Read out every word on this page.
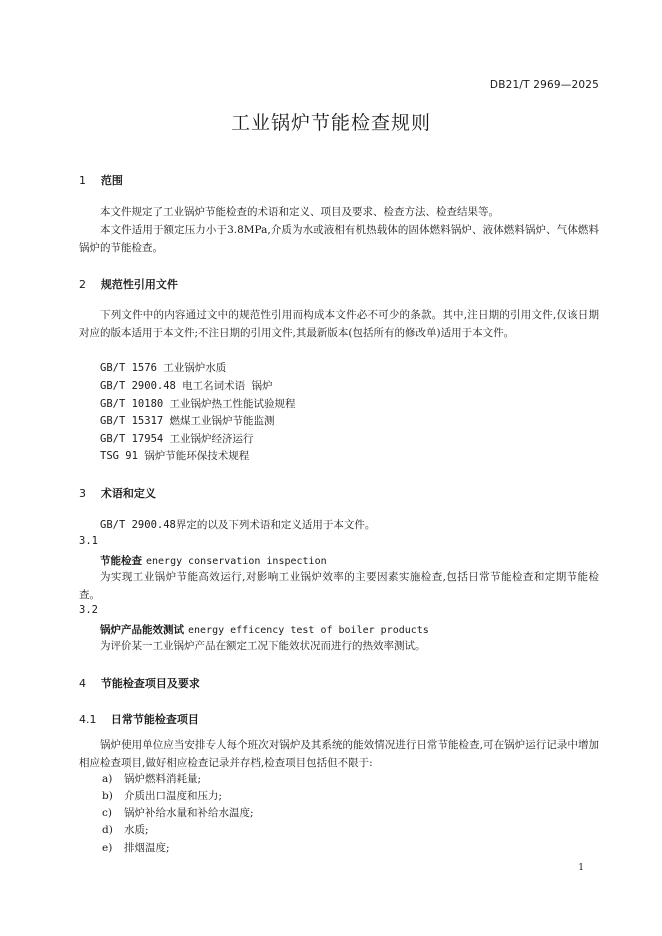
DB21/T 2969—2025
工业锅炉节能检查规则
1 范围
本文件规定了工业锅炉节能检查的术语和定义、项目及要求、检查方法、检查结果等。
本文件适用于额定压力小于3.8MPa,介质为水或液相有机热载体的固体燃料锅炉、液体燃料锅炉、气体燃料锅炉的节能检查。
2 规范性引用文件
下列文件中的内容通过文中的规范性引用而构成本文件必不可少的条款。其中,注日期的引用文件,仅该日期对应的版本适用于本文件;不注日期的引用文件,其最新版本(包括所有的修改单)适用于本文件。
GB/T 1576 工业锅炉水质
GB/T 2900.48 电工名词术语 锅炉
GB/T 10180 工业锅炉热工性能试验规程
GB/T 15317 燃煤工业锅炉节能监测
GB/T 17954 工业锅炉经济运行
TSG 91 锅炉节能环保技术规程
3 术语和定义
GB/T 2900.48界定的以及下列术语和定义适用于本文件。
3.1
节能检查 energy conservation inspection
为实现工业锅炉节能高效运行,对影响工业锅炉效率的主要因素实施检查,包括日常节能检查和定期节能检查。
3.2
锅炉产品能效测试 energy efficency test of boiler products
为评价某一工业锅炉产品在额定工况下能效状况而进行的热效率测试。
4 节能检查项目及要求
4.1 日常节能检查项目
锅炉使用单位应当安排专人每个班次对锅炉及其系统的能效情况进行日常节能检查,可在锅炉运行记录中增加相应检查项目,做好相应检查记录并存档,检查项目包括但不限于:
a) 锅炉燃料消耗量;
b) 介质出口温度和压力;
c) 锅炉补给水量和补给水温度;
d) 水质;
e) 排烟温度;
1
